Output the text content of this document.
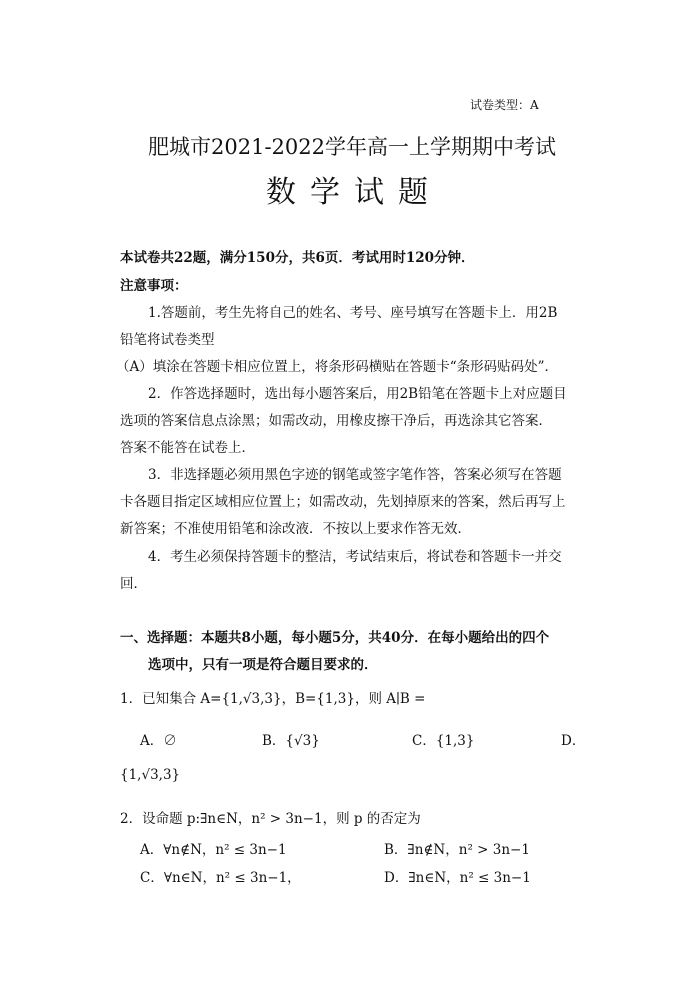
试卷类型：A
肥城市2021-2022学年高一上学期期中考试
数学试题
本试卷共22题，满分150分，共6页．考试用时120分钟．
注意事项：
1.答题前，考生先将自己的姓名、考号、座号填写在答题卡上．用2B
铅笔将试卷类型
（A）填涂在答题卡相应位置上，将条形码横贴在答题卡“条形码贴码处”．
2．作答选择题时，选出每小题答案后，用2B铅笔在答题卡上对应题目
选项的答案信息点涂黑；如需改动，用橡皮擦干净后，再选涂其它答案．
答案不能答在试卷上．
3．非选择题必须用黑色字迹的钢笔或签字笔作答，答案必须写在答题
卡各题目指定区域相应位置上；如需改动，先划掉原来的答案，然后再写上
新答案；不准使用铅笔和涂改液．不按以上要求作答无效．
4．考生必须保持答题卡的整洁，考试结束后，将试卷和答题卡一并交
回．
一、选择题：本题共8小题，每小题5分，共40分．在每小题给出的四个
选项中，只有一项是符合题目要求的．
1．已知集合 A={1,√3,3}，B={1,3}，则 A∣B =
A．∅	B．{√3}	C．{1,3}	D．
{1,√3,3}
2．设命题 p:∃n∈N，n² > 3n−1，则 p 的否定为
A．∀n∉N，n² ≤ 3n−1	B．∃n∉N，n² > 3n−1
C．∀n∈N，n² ≤ 3n−1，	D．∃n∈N，n² ≤ 3n−1
